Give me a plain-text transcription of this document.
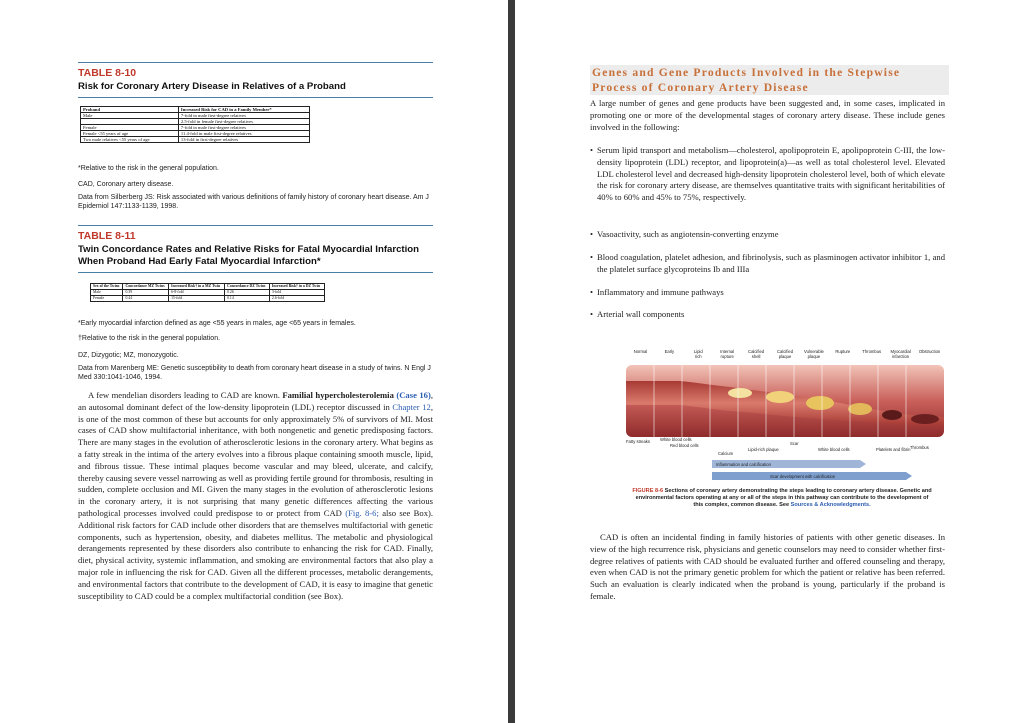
TABLE 8-10
Risk for Coronary Artery Disease in Relatives of a Proband
Proband	Increased Risk for CAD in a Family Member*
Male	7-fold in male first-degree relatives
	2.5-fold in female first-degree relatives
Female	7-fold in male first-degree relatives
Female <55 years of age	11.4-fold in male first-degree relatives
Two male relatives <55 years of age	13-fold in first-degree relatives
*Relative to the risk in the general population.
CAD, Coronary artery disease.
Data from Silberberg JS: Risk associated with various definitions of family history of coronary heart disease. Am J Epidemiol 147:1133-1139, 1998.
TABLE 8-11
Twin Concordance Rates and Relative Risks for Fatal Myocardial Infarction When Proband Had Early Fatal Myocardial Infarction*
Sex of the Twins	Concordance MZ Twins	Increased Risk† in a MZ Twin	Concordance DZ Twins	Increased Risk† in a DZ Twin
Male	0.39	6-8-fold	0.26	3-fold
Female	0.44	15-fold	0.14	2.6-fold
*Early myocardial infarction defined as age <55 years in males, age <65 years in females.
†Relative to the risk in the general population.
DZ, Dizygotic; MZ, monozygotic.
Data from Marenberg ME: Genetic susceptibility to death from coronary heart disease in a study of twins. N Engl J Med 330:1041-1046, 1994.
A few mendelian disorders leading to CAD are known. Familial hypercholesterolemia (Case 16), an autosomal dominant defect of the low-density lipoprotein (LDL) receptor discussed in Chapter 12, is one of the most common of these but accounts for only approximately 5% of survivors of MI. Most cases of CAD show multifactorial inheritance, with both nongenetic and genetic predisposing factors. There are many stages in the evolution of atherosclerotic lesions in the coronary artery. What begins as a fatty streak in the intima of the artery evolves into a fibrous plaque containing smooth muscle, lipid, and fibrous tissue. These intimal plaques become vascular and may bleed, ulcerate, and calcify, thereby causing severe vessel narrowing as well as providing fertile ground for thrombosis, resulting in sudden, complete occlusion and MI. Given the many stages in the evolution of atherosclerotic lesions in the coronary artery, it is not surprising that many genetic differences affecting the various pathological processes involved could predispose to or protect from CAD (Fig. 8-6; also see Box). Additional risk factors for CAD include other disorders that are themselves multifactorial with genetic components, such as hypertension, obesity, and diabetes mellitus. The metabolic and physiological derangements represented by these disorders also contribute to enhancing the risk for CAD. Finally, diet, physical activity, systemic inflammation, and smoking are environmental factors that also play a major role in influencing the risk for CAD. Given all the different processes, metabolic derangements, and environmental factors that contribute to the development of CAD, it is easy to imagine that genetic susceptibility to CAD could be a complex multifactorial condition (see Box).
Genes and Gene Products Involved in the Stepwise Process of Coronary Artery Disease
A large number of genes and gene products have been suggested and, in some cases, implicated in promoting one or more of the developmental stages of coronary artery disease. These include genes involved in the following:
• Serum lipid transport and metabolism—cholesterol, apolipoprotein E, apolipoprotein C-III, the low-density lipoprotein (LDL) receptor, and lipoprotein(a)—as well as total cholesterol level. Elevated LDL cholesterol level and decreased high-density lipoprotein cholesterol level, both of which elevate the risk for coronary artery disease, are themselves quantitative traits with significant heritabilities of 40% to 60% and 45% to 75%, respectively.
• Vasoactivity, such as angiotensin-converting enzyme
• Blood coagulation, platelet adhesion, and fibrinolysis, such as plasminogen activator inhibitor 1, and the platelet surface glycoproteins Ib and IIIa
• Inflammatory and immune pathways
• Arterial wall components
Normal	Early	Lipid
rich
Internal
rupture
Calcified
shell
Calcified
plaque
Vulnerable
plaque
Rupture	Thrombus Myocardial
infarction
Obstruction
Fatty streaks White blood cells
Red blood cells
Calcium
Lipid-rich plaque
Scar
White blood cells	Platelets and fibrin Thrombus
Inflammation and calcification
Scar development with calcification
FIGURE 8-6 Sections of coronary artery demonstrating the steps leading to coronary artery disease. Genetic and environmental factors operating at any or all of the steps in this pathway can contribute to the development of this complex, common disease. See Sources & Acknowledgments.
CAD is often an incidental finding in family histories of patients with other genetic diseases. In view of the high recurrence risk, physicians and genetic counselors may need to consider whether first-degree relatives of patients with CAD should be evaluated further and offered counseling and therapy, even when CAD is not the primary genetic problem for which the patient or relative has been referred. Such an evaluation is clearly indicated when the proband is young, particularly if the proband is female.
